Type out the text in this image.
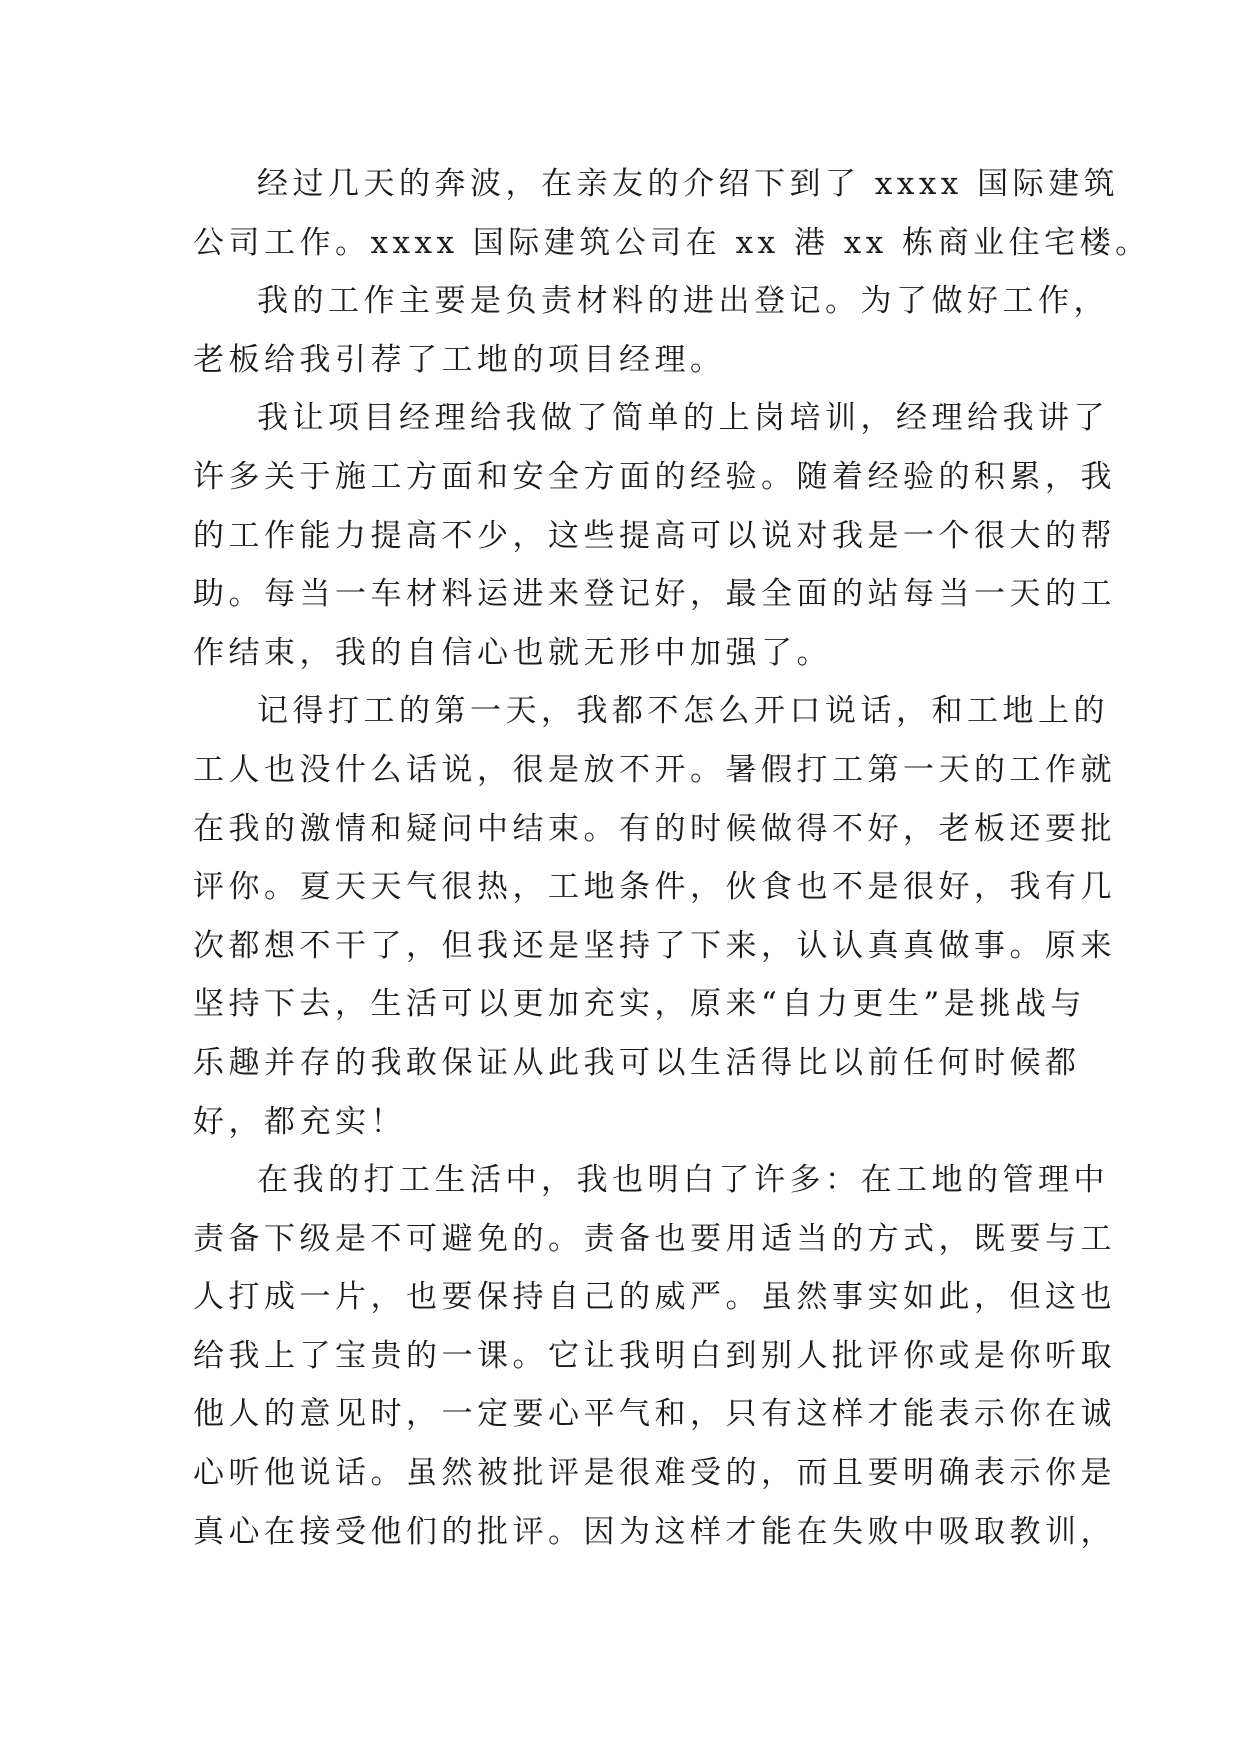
经过几天的奔波，在亲友的介绍下到了 xxxx 国际建筑
公司工作。xxxx 国际建筑公司在 xx 港 xx 栋商业住宅楼。
我的工作主要是负责材料的进出登记。为了做好工作，
老板给我引荐了工地的项目经理。
我让项目经理给我做了简单的上岗培训，经理给我讲了
许多关于施工方面和安全方面的经验。随着经验的积累，我
的工作能力提高不少，这些提高可以说对我是一个很大的帮
助。每当一车材料运进来登记好，最全面的站每当一天的工
作结束，我的自信心也就无形中加强了。
记得打工的第一天，我都不怎么开口说话，和工地上的
工人也没什么话说，很是放不开。暑假打工第一天的工作就
在我的激情和疑问中结束。有的时候做得不好，老板还要批
评你。夏天天气很热，工地条件，伙食也不是很好，我有几
次都想不干了，但我还是坚持了下来，认认真真做事。原来
坚持下去，生活可以更加充实，原来“自力更生”是挑战与
乐趣并存的我敢保证从此我可以生活得比以前任何时候都
好，都充实！
在我的打工生活中，我也明白了许多：在工地的管理中
责备下级是不可避免的。责备也要用适当的方式，既要与工
人打成一片，也要保持自己的威严。虽然事实如此，但这也
给我上了宝贵的一课。它让我明白到别人批评你或是你听取
他人的意见时，一定要心平气和，只有这样才能表示你在诚
心听他说话。虽然被批评是很难受的，而且要明确表示你是
真心在接受他们的批评。因为这样才能在失败中吸取教训，
